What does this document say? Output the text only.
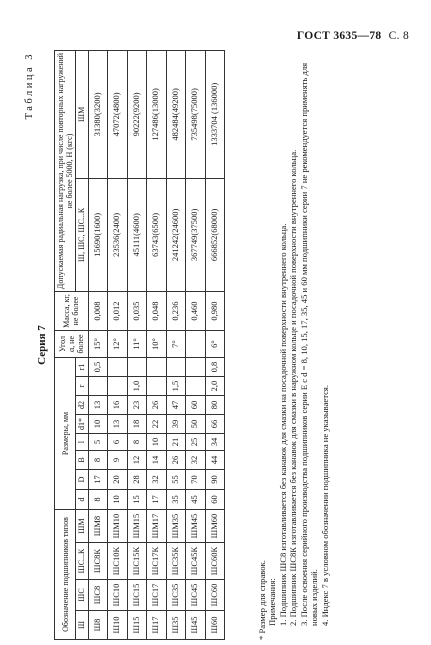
ГОСТ 3635—78 С. 8
Таблица 3
Серия 7
Обозначение подшипников типов				Размеры, мм								Угол α, не более	Масса, кг, не более	Допускаемая радиальная нагрузка, при числе повторных нагружений не более 5000, Н (кгс)	
Ш	ШС	ШС...К	ШМ	d	D	B	l	d1*	d2	r	r1			Ш, ШС, ШС...К	ШМ
Ш8	ШС8	ШС8К	ШМ8	8	17	8	5	10	13		0,5	15°	0,008	15690(1600)	31380(3200)
Ш10	ШС10	ШС10К	ШМ10	10	20	9	6	13	16			12°	0,012	23536(2400)	47072(4800)
Ш15	ШС15	ШС15К	ШМ15	15	28	12	8	18	23	1,0		11°	0,035	45111(4600)	90222(9200)
Ш17	ШС17	ШС17К	ШМ17	17	32	14	10	22	26			10°	0,048	63743(6500)	127486(13000)
Ш35	ШС35	ШС35К	ШМ35	35	55	26	21	39	47	1,5		7°	0,236	241242(24600)	482484(49200)
Ш45	ШС45	ШС45К	ШМ45	45	70	32	25	50	60				0,460	367749(37500)	735498(75000)
Ш60	ШС60	ШС60К	ШМ60	60	90	44	34	66	80	2,0	0,8	6°	0,980	666852(68000)	1333704 (136000)

* Размер для справок. Примечания: 1. Подшипник ШС8 изготавливается без канавок для смазки на посадочной поверхности внутреннего кольца. 2. Подшипник ШС8К изготавливается без канавок для смазки в наружном кольце и посадочной поверхности внутреннего кольца. 3. После освоения серийного производства подшипников серии Е с d = 8, 10, 15, 17, 35, 45 и 60 мм подшипники серии 7 не рекомендуется применять для новых изделий. 4. Индекс 7 в условном обозначении подшипника не указывается.
